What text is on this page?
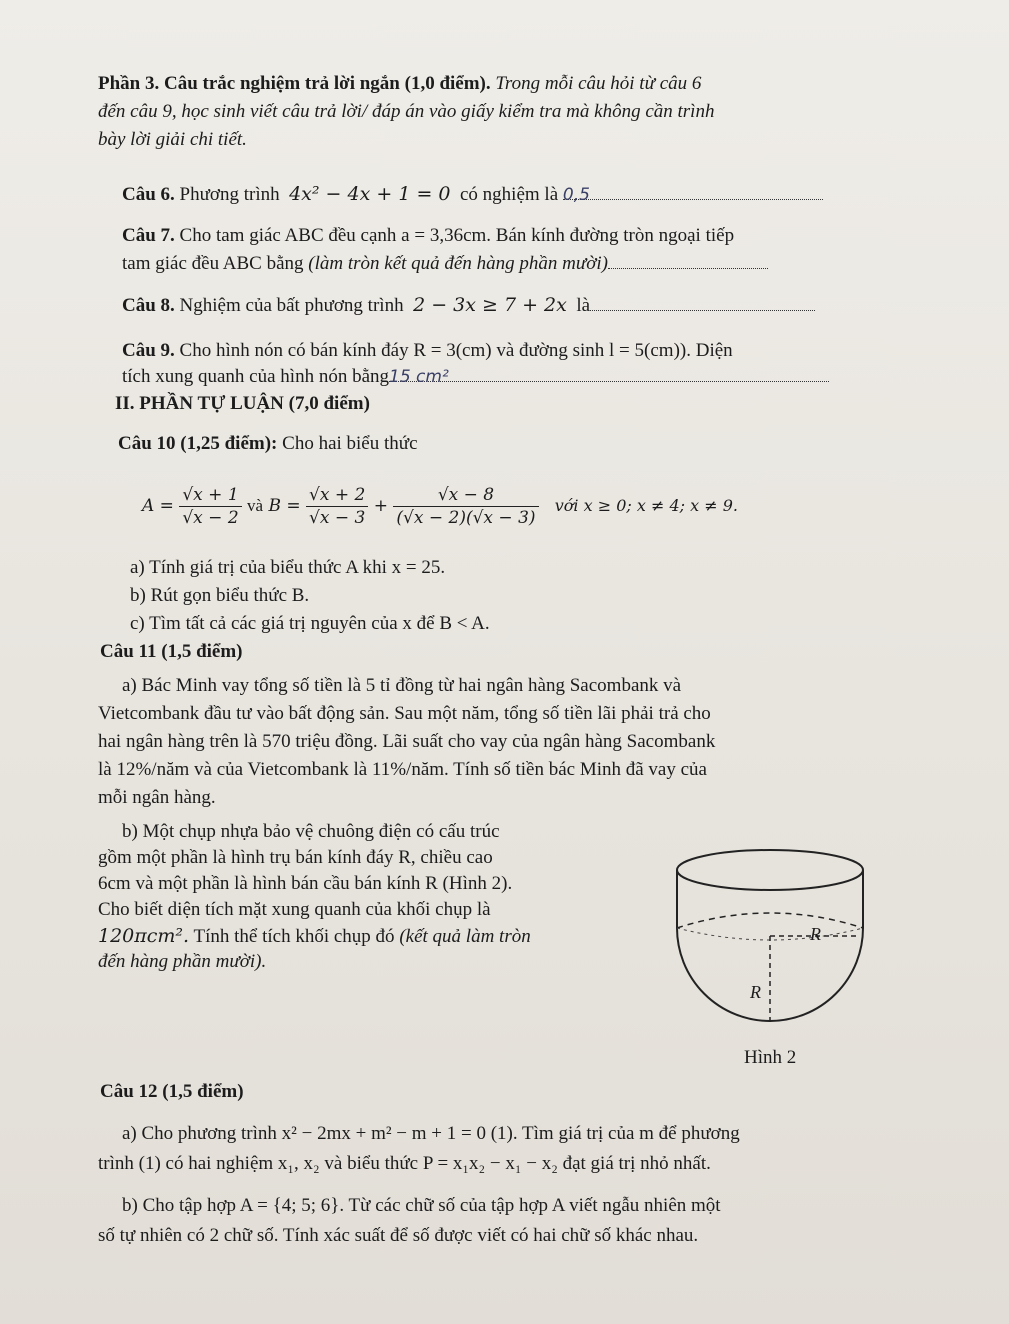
Phần 3. Câu trắc nghiệm trả lời ngắn (1,0 điểm). Trong mỗi câu hỏi từ câu 6
đến câu 9, học sinh viết câu trả lời/ đáp án vào giấy kiểm tra mà không cần trình
bày lời giải chi tiết.
Câu 6. Phương trình 4x² − 4x + 1 = 0 có nghiệm là 0,5
Câu 7. Cho tam giác ABC đều cạnh a = 3,36cm. Bán kính đường tròn ngoại tiếp
tam giác đều ABC bằng (làm tròn kết quả đến hàng phần mười)
Câu 8. Nghiệm của bất phương trình 2 − 3x ≥ 7 + 2x là
Câu 9. Cho hình nón có bán kính đáy R = 3(cm) và đường sinh l = 5(cm)). Diện
tích xung quanh của hình nón bằng15 cm²
II. PHẦN TỰ LUẬN (7,0 điểm)
Câu 10 (1,25 điểm): Cho hai biểu thức
$A = \frac{√x + 1}{√x - 2}$ và $B = \frac{√x + 2}{√x - 3} + \frac{√x - 8}{(√x - 2)(√x - 3)}$ với x ≥ 0; x ≠ 4; x ≠ 9.
a) Tính giá trị của biểu thức A khi x = 25.
b) Rút gọn biểu thức B.
c) Tìm tất cả các giá trị nguyên của x để B < A.
Câu 11 (1,5 điểm)
a) Bác Minh vay tổng số tiền là 5 tỉ đồng từ hai ngân hàng Sacombank và
Vietcombank đầu tư vào bất động sản. Sau một năm, tổng số tiền lãi phải trả cho
hai ngân hàng trên là 570 triệu đồng. Lãi suất cho vay của ngân hàng Sacombank
là 12%/năm và của Vietcombank là 11%/năm. Tính số tiền bác Minh đã vay của
mỗi ngân hàng.
b) Một chụp nhựa bảo vệ chuông điện có cấu trúc
gồm một phần là hình trụ bán kính đáy R, chiều cao
6cm và một phần là hình bán cầu bán kính R (Hình 2).
Cho biết diện tích mặt xung quanh của khối chụp là
120πcm². Tính thể tích khối chụp đó (kết quả làm tròn
đến hàng phần mười).
R
R
Hình 2
Câu 12 (1,5 điểm)
a) Cho phương trình x² − 2mx + m² − m + 1 = 0 (1). Tìm giá trị của m để phương
trình (1) có hai nghiệm x₁, x₂ và biểu thức P = x₁x₂ − x₁ − x₂ đạt giá trị nhỏ nhất.
b) Cho tập hợp A = {4; 5; 6}. Từ các chữ số của tập hợp A viết ngẫu nhiên một
số tự nhiên có 2 chữ số. Tính xác suất để số được viết có hai chữ số khác nhau.
